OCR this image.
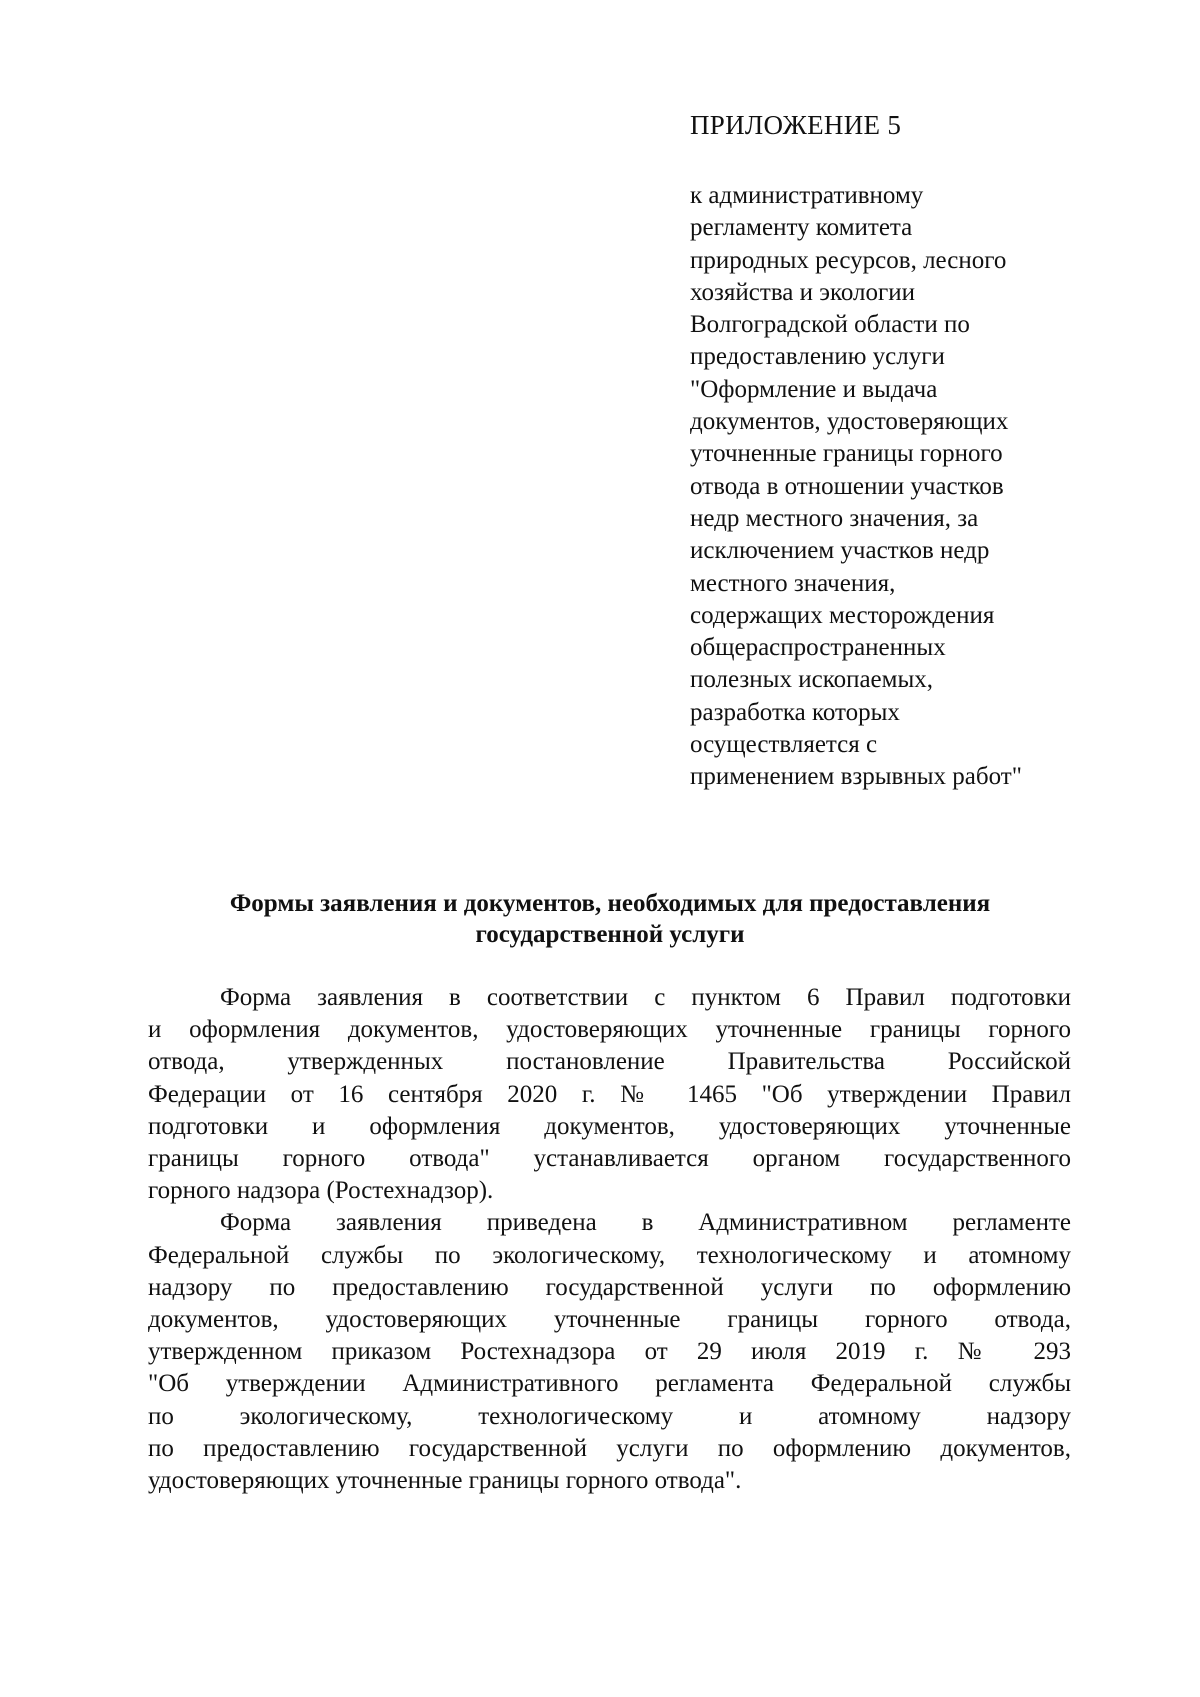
ПРИЛОЖЕНИЕ 5
к административному
регламенту комитета
природных ресурсов, лесного
хозяйства и экологии
Волгоградской области по
предоставлению услуги
"Оформление и выдача
документов, удостоверяющих
уточненные границы горного
отвода в отношении участков
недр местного значения, за
исключением участков недр
местного значения,
содержащих месторождения
общераспространенных
полезных ископаемых,
разработка которых
осуществляется с
применением взрывных работ"
Формы заявления и документов, необходимых для предоставления
государственной услуги

Форма заявления в соответствии с пунктом 6 Правил подготовки
и оформления документов, удостоверяющих уточненные границы горного
отвода, утвержденных постановление Правительства Российской
Федерации от 16 сентября 2020 г. № 1465 "Об утверждении Правил
подготовки и оформления документов, удостоверяющих уточненные
границы горного отвода" устанавливается органом государственного
горного надзора (Ростехнадзор).

Форма заявления приведена в Административном регламенте
Федеральной службы по экологическому, технологическому и атомному
надзору по предоставлению государственной услуги по оформлению
документов, удостоверяющих уточненные границы горного отвода,
утвержденном приказом Ростехнадзора от 29 июля 2019 г. № 293
"Об утверждении Административного регламента Федеральной службы
по экологическому, технологическому и атомному надзору
по предоставлению государственной услуги по оформлению документов,
удостоверяющих уточненные границы горного отвода".
